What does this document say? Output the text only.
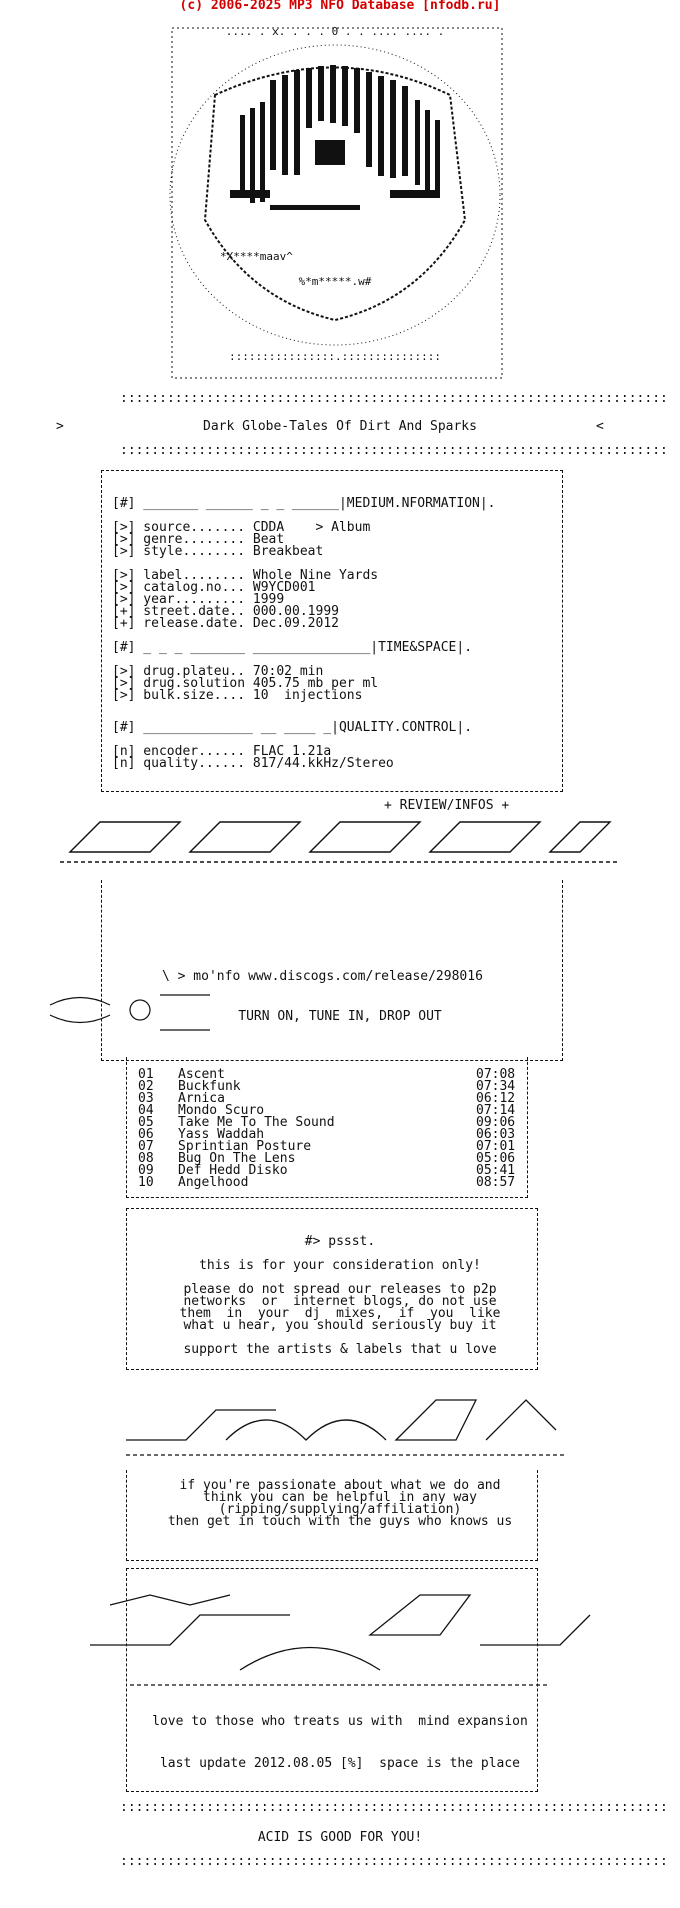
(c) 2006-2025 MP3 NFO Database [nfodb.ru]

.... . x. . . . 0 . . .... .... .
%*m*****.w#
*X****maav^
::::::::::::::::.:::::::::::::::

::::::::::::::::::::::::::::::::::::::::::::::::::::::::::::::::::::::

>

	Dark Globe-Tales Of Dirt And Sparks

	<

::::::::::::::::::::::::::::::::::::::::::::::::::::::::::::::::::::::

[#] _______ ______ _ _ ______|MEDIUM.NFORMATION|.

[>] source....... CDDA    > Album

[>] genre........ Beat

[>] style........ Breakbeat

[>] label........ Whole Nine Yards

[>] catalog.no... W9YCD001

[>] year......... 1999

[+] street.date.. 000.00.1999

[+] release.date. Dec.09.2012

[#] _ _ _ _______ _______________|TIME&SPACE|.

[>] drug.plateu.. 70:02 min

[>] drug.solution 405.75 mb per ml

[>] bulk.size.... 10  injections

[#] ______________ __ ____ _|QUALITY.CONTROL|.

[n] encoder...... FLAC 1.21a

[n] quality...... 817/44.kkHz/Stereo

+ REVIEW/INFOS +

\ > mo'nfo www.discogs.com/release/298016

TURN ON, TUNE IN, DROP OUT

01 Ascent	07:08
02 Buckfunk	07:34
03 Arnica	06:12
04 Mondo Scuro	07:14
05 Take Me To The Sound	09:06
06 Yass Waddah	06:03
07 Sprintian Posture	07:01
08 Bug On The Lens	05:06
09 Def Hedd Disko	05:41
10 Angelhood	08:57

#> pssst.

this is for your consideration only!

please do not spread our releases to p2p

networks  or  internet blogs, do not use

them  in  your  dj  mixes,  if  you  like

what u hear, you should seriously buy it

support the artists & labels that u love

if you're passionate about what we do and

think you can be helpful in any way

(ripping/supplying/affiliation)

then get in touch with the guys who knows us

love to those who treats us with  mind expansion

last update 2012.08.05 [%]  space is the place

::::::::::::::::::::::::::::::::::::::::::::::::::::::::::::::::::::::

ACID IS GOOD FOR YOU!

::::::::::::::::::::::::::::::::::::::::::::::::::::::::::::::::::::::
